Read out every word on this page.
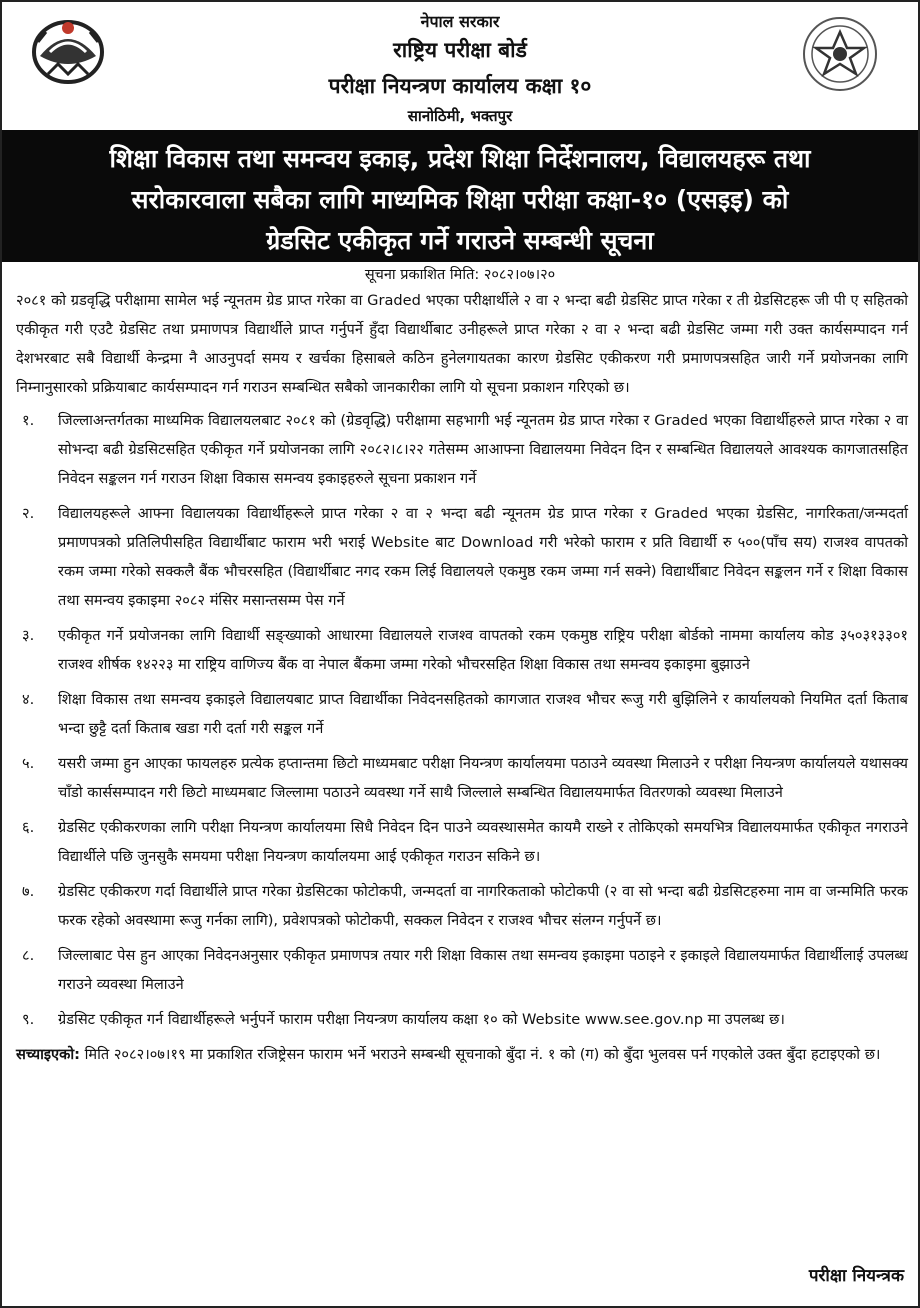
नेपाल सरकार
राष्ट्रिय परीक्षा बोर्ड
परीक्षा नियन्त्रण कार्यालय कक्षा १०
सानोठिमी, भक्तपुर
शिक्षा विकास तथा समन्वय इकाइ, प्रदेश शिक्षा निर्देशनालय, विद्यालयहरू तथा
सरोकारवाला सबैका लागि माध्यमिक शिक्षा परीक्षा कक्षा-१० (एसइइ) को
ग्रेडसिट एकीकृत गर्ने गराउने सम्बन्धी सूचना
सूचना प्रकाशित मिति: २०८२।०७।२०

२०८१ को ग्रडवृद्धि परीक्षामा सामेल भई न्यूनतम ग्रेड प्राप्त गरेका वा Graded भएका परीक्षार्थीले २ वा २ भन्दा बढी ग्रेडसिट प्राप्त गरेका र ती ग्रेडसिटहरू जी पी ए सहितको एकीकृत गरी एउटै ग्रेडसिट तथा प्रमाणपत्र विद्यार्थीले प्राप्त गर्नुपर्ने हुँदा विद्यार्थीबाट उनीहरूले प्राप्त गरेका २ वा २ भन्दा बढी ग्रेडसिट जम्मा गरी उक्त कार्यसम्पादन गर्न देशभरबाट सबै विद्यार्थी केन्द्रमा नै आउनुपर्दा समय र खर्चका हिसाबले कठिन हुनेलगायतका कारण ग्रेडसिट एकीकरण गरी प्रमाणपत्रसहित जारी गर्ने प्रयोजनका लागि निम्नानुसारको प्रक्रियाबाट कार्यसम्पादन गर्न गराउन सम्बन्धित सबैको जानकारीका लागि यो सूचना प्रकाशन गरिएको छ।

१.	जिल्लाअन्तर्गतका माध्यमिक विद्यालयलबाट २०८१ को (ग्रेडवृद्धि) परीक्षामा सहभागी भई न्यूनतम ग्रेड प्राप्त गरेका र Graded भएका विद्यार्थीहरुले प्राप्त गरेका २ वा सोभन्दा बढी ग्रेडसिटसहित एकीकृत गर्ने प्रयोजनका लागि २०८२।८।२२ गतेसम्म आआफ्ना विद्यालयमा निवेदन दिन र सम्बन्धित विद्यालयले आवश्यक कागजातसहित निवेदन सङ्कलन गर्न गराउन शिक्षा विकास समन्वय इकाइहरुले सूचना प्रकाशन गर्ने
२.	विद्यालयहरूले आफ्ना विद्यालयका विद्यार्थीहरूले प्राप्त गरेका २ वा २ भन्दा बढी न्यूनतम ग्रेड प्राप्त गरेका र Graded भएका ग्रेडसिट, नागरिकता/जन्मदर्ता प्रमाणपत्रको प्रतिलिपीसहित विद्यार्थीबाट फाराम भरी भराई Website बाट Download गरी भरेको फाराम र प्रति विद्यार्थी रु ५००(पाँच सय) राजश्व वापतको रकम जम्मा गरेको सक्कलै बैंक भौचरसहित (विद्यार्थीबाट नगद रकम लिई विद्यालयले एकमुष्ठ रकम जम्मा गर्न सक्ने) विद्यार्थीबाट निवेदन सङ्कलन गर्ने र शिक्षा विकास तथा समन्वय इकाइमा २०८२ मंसिर मसान्तसम्म पेस गर्ने
३.	एकीकृत गर्ने प्रयोजनका लागि विद्यार्थी सङ्ख्याको आधारमा विद्यालयले राजश्व वापतको रकम एकमुष्ठ राष्ट्रिय परीक्षा बोर्डको नाममा कार्यालय कोड ३५०३१३३०१ राजश्व शीर्षक १४२२३ मा राष्ट्रिय वाणिज्य बैंक वा नेपाल बैंकमा जम्मा गरेको भौचरसहित शिक्षा विकास तथा समन्वय इकाइमा बुझाउने
४.	शिक्षा विकास तथा समन्वय इकाइले विद्यालयबाट प्राप्त विद्यार्थीका निवेदनसहितको कागजात राजश्व भौचर रूजु गरी बुझिलिने र कार्यालयको नियमित दर्ता किताब भन्दा छुट्टै दर्ता किताब खडा गरी दर्ता गरी सङ्कल गर्ने
५.	यसरी जम्मा हुन आएका फायलहरु प्रत्येक हप्तान्तमा छिटो माध्यमबाट परीक्षा नियन्त्रण कार्यालयमा पठाउने व्यवस्था मिलाउने र परीक्षा नियन्त्रण कार्यालयले यथासक्य चाँडो कार्ससम्पादन गरी छिटो माध्यमबाट जिल्लामा पठाउने व्यवस्था गर्ने साथै जिल्लाले सम्बन्धित विद्यालयमार्फत वितरणको व्यवस्था मिलाउने
६.	ग्रेडसिट एकीकरणका लागि परीक्षा नियन्त्रण कार्यालयमा सिधै निवेदन दिन पाउने व्यवस्थासमेत कायमै राख्ने र तोकिएको समयभित्र विद्यालयमार्फत एकीकृत नगराउने विद्यार्थीले पछि जुनसुकै समयमा परीक्षा नियन्त्रण कार्यालयमा आई एकीकृत गराउन सकिने छ।
७.	ग्रेडसिट एकीकरण गर्दा विद्यार्थीले प्राप्त गरेका ग्रेडसिटका फोटोकपी, जन्मदर्ता वा नागरिकताको फोटोकपी (२ वा सो भन्दा बढी ग्रेडसिटहरुमा नाम वा जन्ममिति फरक फरक रहेको अवस्थामा रूजु गर्नका लागि), प्रवेशपत्रको फोटोकपी, सक्कल निवेदन र राजश्व भौचर संलग्न गर्नुपर्ने छ।
८.	जिल्लाबाट पेस हुन आएका निवेदनअनुसार एकीकृत प्रमाणपत्र तयार गरी शिक्षा विकास तथा समन्वय इकाइमा पठाइने र इकाइले विद्यालयमार्फत विद्यार्थीलाई उपलब्ध गराउने व्यवस्था मिलाउने
९.	ग्रेडसिट एकीकृत गर्न विद्यार्थीहरूले भर्नुपर्ने फाराम परीक्षा नियन्त्रण कार्यालय कक्षा १० को Website www.see.gov.np मा उपलब्ध छ।

सच्याइएको: मिति २०८२।०७।१९ मा प्रकाशित रजिष्ट्रेसन फाराम भर्ने भराउने सम्बन्धी सूचनाको बुँदा नं. १ को (ग) को बुँदा भुलवस पर्न गएकोले उक्त बुँदा हटाइएको छ।

परीक्षा नियन्त्रक
